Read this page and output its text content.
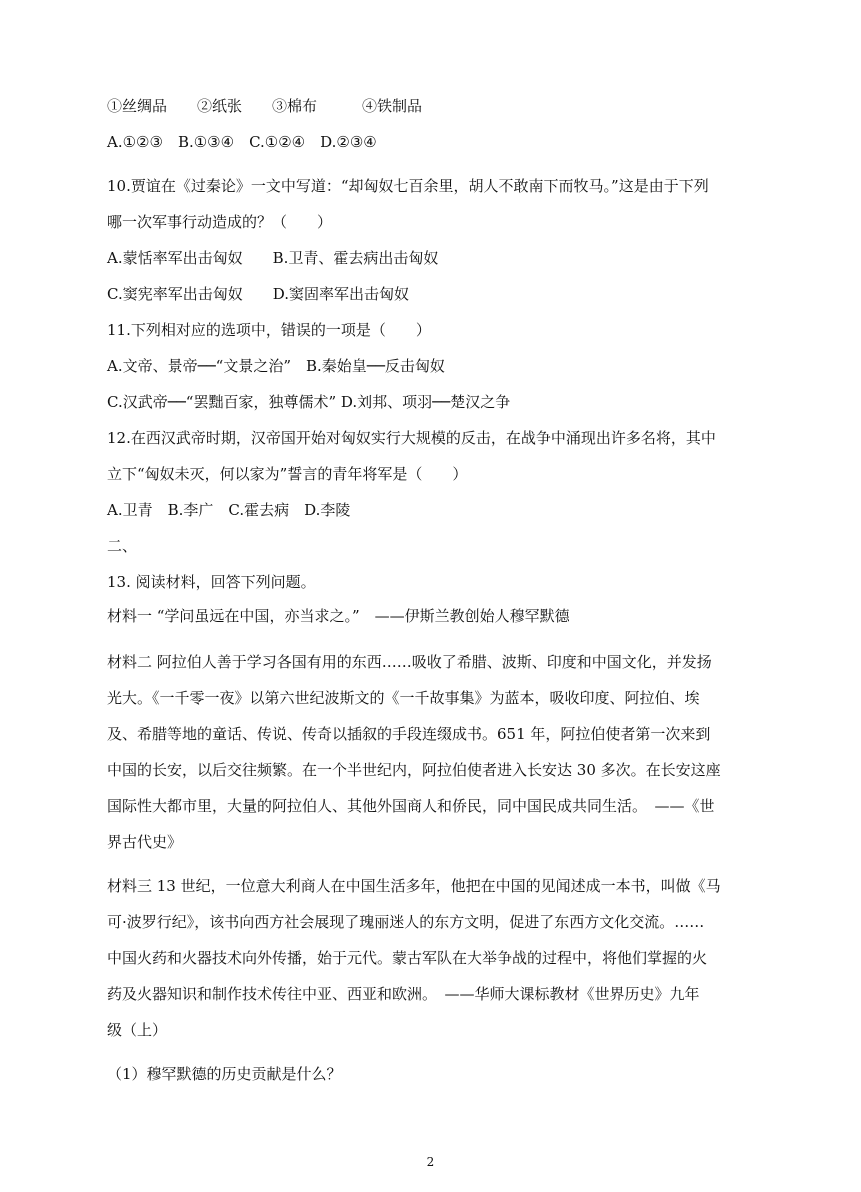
①丝绸品　　②纸张　　③棉布　　　④铁制品
A.①②③　B.①③④　C.①②④　D.②③④
10.贾谊在《过秦论》一文中写道：“却匈奴七百余里，胡人不敢南下而牧马。”这是由于下列
哪一次军事行动造成的？（　　）
A.蒙恬率军出击匈奴　　B.卫青、霍去病出击匈奴
C.窦宪率军出击匈奴　　D.窦固率军出击匈奴
11.下列相对应的选项中，错误的一项是（　　）
A.文帝、景帝──“文景之治”　B.秦始皇──反击匈奴
C.汉武帝──“罢黜百家，独尊儒术” D.刘邦、项羽──楚汉之争
12.在西汉武帝时期，汉帝国开始对匈奴实行大规模的反击，在战争中涌现出许多名将，其中
立下“匈奴未灭，何以家为”誓言的青年将军是（　　）
A.卫青　B.李广　C.霍去病　D.李陵
二、
13. 阅读材料，回答下列问题。
材料一 “学问虽远在中国，亦当求之。”　——伊斯兰教创始人穆罕默德
材料二 阿拉伯人善于学习各国有用的东西……吸收了希腊、波斯、印度和中国文化，并发扬
光大。《一千零一夜》以第六世纪波斯文的《一千故事集》为蓝本，吸收印度、阿拉伯、埃
及、希腊等地的童话、传说、传奇以插叙的手段连缀成书。651 年，阿拉伯使者第一次来到
中国的长安，以后交往频繁。在一个半世纪内，阿拉伯使者进入长安达 30 多次。在长安这座
国际性大都市里，大量的阿拉伯人、其他外国商人和侨民，同中国民成共同生活。　——《世
界古代史》
材料三 13 世纪，一位意大利商人在中国生活多年，他把在中国的见闻述成一本书，叫做《马
可·波罗行纪》，该书向西方社会展现了瑰丽迷人的东方文明，促进了东西方文化交流。……
中国火药和火器技术向外传播，始于元代。蒙古军队在大举争战的过程中，将他们掌握的火
药及火器知识和制作技术传往中亚、西亚和欧洲。　——华师大课标教材《世界历史》九年
级（上）
（1）穆罕默德的历史贡献是什么？
2
